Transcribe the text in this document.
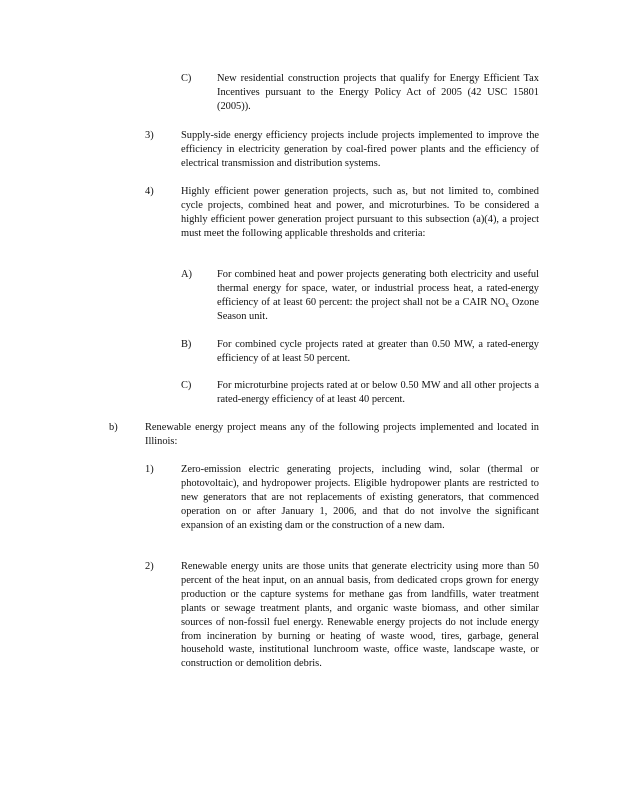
C) New residential construction projects that qualify for Energy Efficient Tax Incentives pursuant to the Energy Policy Act of 2005 (42 USC 15801 (2005)).
3)	Supply-side energy efficiency projects include projects implemented to improve the efficiency in electricity generation by coal-fired power plants and the efficiency of electrical transmission and distribution systems.
4)	Highly efficient power generation projects, such as, but not limited to, combined cycle projects, combined heat and power, and microturbines. To be considered a highly efficient power generation project pursuant to this subsection (a)(4), a project must meet the following applicable thresholds and criteria:
A) For combined heat and power projects generating both electricity and useful thermal energy for space, water, or industrial process heat, a rated-energy efficiency of at least 60 percent: the project shall not be a CAIR $NO_x$ Ozone Season unit.
B) For combined cycle projects rated at greater than 0.50 MW, a rated-energy efficiency of at least 50 percent.
C) For microturbine projects rated at or below 0.50 MW and all other projects a rated-energy efficiency of at least 40 percent.
b)	Renewable energy project means any of the following projects implemented and located in Illinois:
1)	Zero-emission electric generating projects, including wind, solar (thermal or photovoltaic), and hydropower projects. Eligible hydropower plants are restricted to new generators that are not replacements of existing generators, that commenced operation on or after January 1, 2006, and that do not involve the significant expansion of an existing dam or the construction of a new dam.
2)	Renewable energy units are those units that generate electricity using more than 50 percent of the heat input, on an annual basis, from dedicated crops grown for energy production or the capture systems for methane gas from landfills, water treatment plants or sewage treatment plants, and organic waste biomass, and other similar sources of non-fossil fuel energy. Renewable energy projects do not include energy from incineration by burning or heating of waste wood, tires, garbage, general household waste, institutional lunchroom waste, office waste, landscape waste, or construction or demolition debris.
